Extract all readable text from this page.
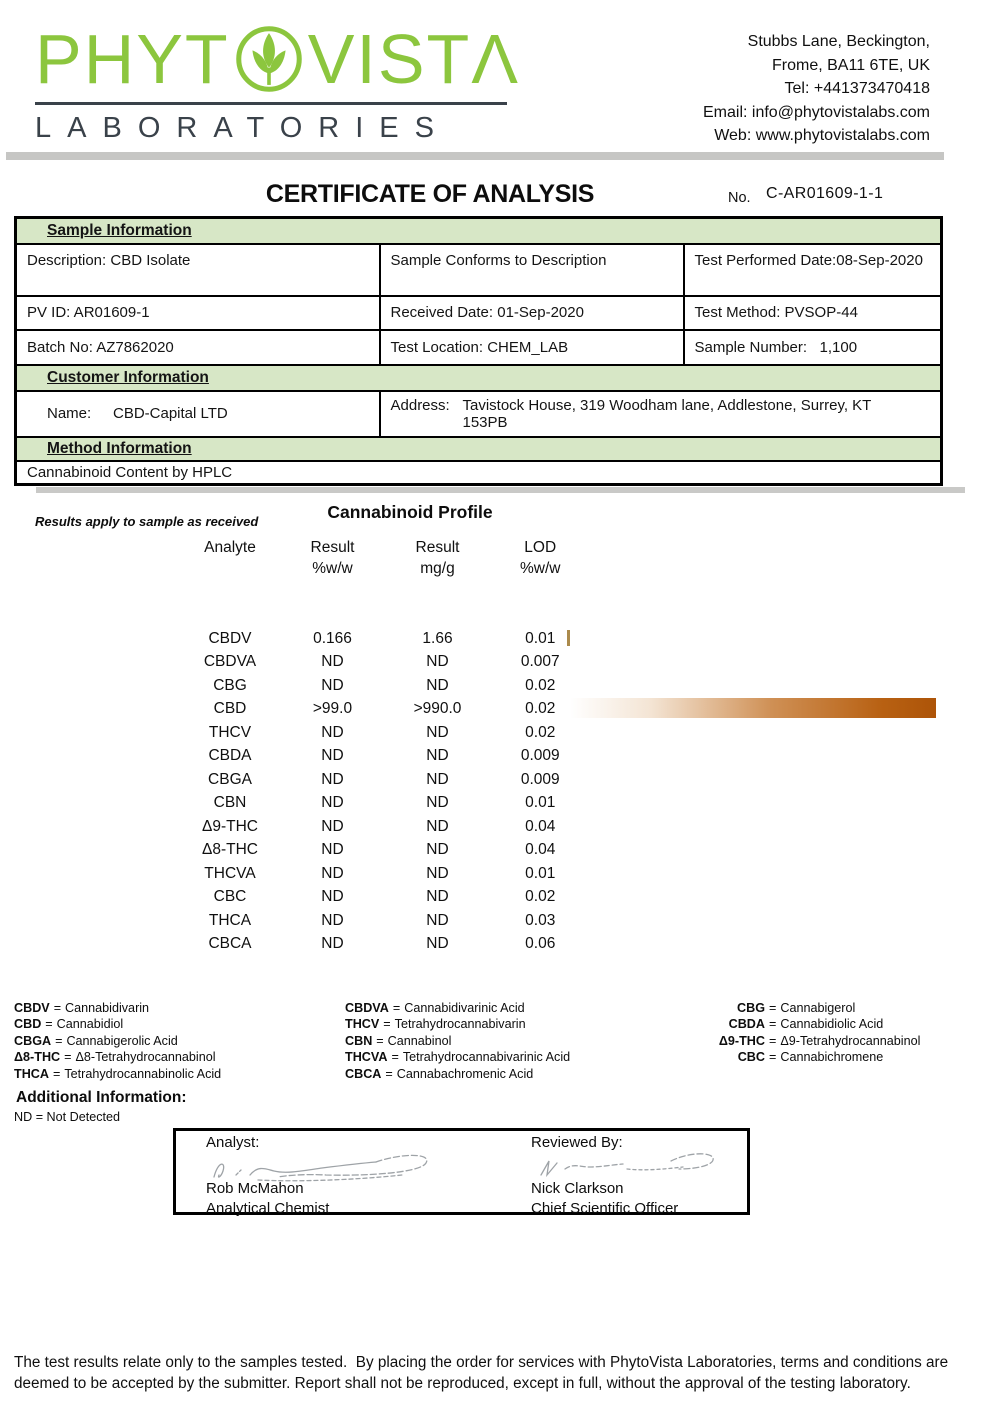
PHYT VIST Λ
LABORATORIES
Stubbs Lane, Beckington,
Frome, BA11 6TE, UK
Tel: +441373470418
Email: info@phytovistalabs.com
Web: www.phytovistalabs.com
CERTIFICATE OF ANALYSIS	No. C-AR01609-1-1
Sample Information		
Description: CBD Isolate	Sample Conforms to Description	Test Performed Date:08-Sep-2020
PV ID: AR01609-1	Received Date: 01-Sep-2020	Test Method: PVSOP-44
Batch No: AZ7862020	Test Location: CHEM_LAB	Sample Number:   1,100
Customer Information		

Name: CBD-Capital LTD	Address: Tavistock House, 319 Woodham lane, Addlestone, Surrey, KT 153PB	

Method Information		
Cannabinoid Content by HPLC		
Results apply to sample as received	Cannabinoid Profile
Analyte	Result	Result	LOD
	%w/w	mg/g	%w/w

CBDV	0.166	1.66	0.01
CBDVA	ND	ND	0.007
CBG	ND	ND	0.02
CBD	>99.0	>990.0	0.02
THCV	ND	ND	0.02
CBDA	ND	ND	0.009
CBGA	ND	ND	0.009
CBN	ND	ND	0.01
Δ9-THC	ND	ND	0.04
Δ8-THC	ND	ND	0.04
THCVA	ND	ND	0.01
CBC	ND	ND	0.02
THCA	ND	ND	0.03
CBCA	ND	ND	0.06
CBDV = Cannabidivarin
CBD = Cannabidiol
CBGA = Cannabigerolic Acid
Δ8-THC = Δ8-Tetrahydrocannabinol
THCA = Tetrahydrocannabinolic Acid
CBDVA = Cannabidivarinic Acid
THCV = Tetrahydrocannabivarin
CBN = Cannabinol
THCVA = Tetrahydrocannabivarinic Acid
CBCA = Cannabachromenic Acid
CBG = Cannabigerol
CBDA = Cannabidiolic Acid
Δ9-THC = Δ9-Tetrahydrocannabinol
CBC = Cannabichromene
Additional Information:
ND = Not Detected
Analyst:
Rob McMahon
Analytical Chemist
Reviewed By:
Nick Clarkson
Chief Scientific Officer
The test results relate only to the samples tested.  By placing the order for services with PhytoVista Laboratories, terms and conditions are
deemed to be accepted by the submitter. Report shall not be reproduced, except in full, without the approval of the testing laboratory.
